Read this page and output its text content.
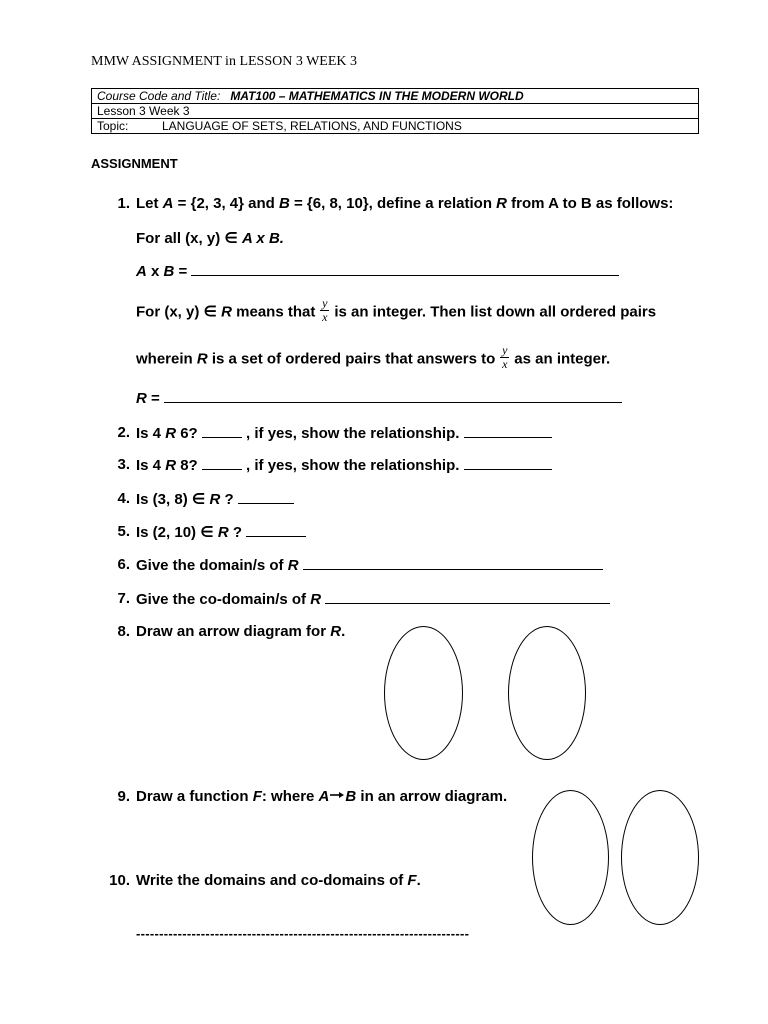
MMW ASSIGNMENT in LESSON 3 WEEK 3
Course Code and Title: MAT100 – MATHEMATICS IN THE MODERN WORLD
Lesson 3 Week 3
Topic:	LANGUAGE OF SETS, RELATIONS, AND FUNCTIONS
ASSIGNMENT
1. Let A = {2, 3, 4} and B = {6, 8, 10}, define a relation R from A to B as follows:
For all (x, y) ∈ A x B.
A x B =
For (x, y) ∈ R means that $\frac{y}{x}$ is an integer. Then list down all ordered pairs
wherein R is a set of ordered pairs that answers to $\frac{y}{x}$ as an integer.
R =
2. Is 4 R 6?	, if yes, show the relationship.
3. Is 4 R 8?	, if yes, show the relationship.
4. Is (3, 8) ∈ R ?
5. Is (2, 10) ∈ R ?
6. Give the domain/s of R
7. Give the co-domain/s of R
8. Draw an arrow diagram for R.
9. Draw a function F: where A B in an arrow diagram.
10. Write the domains and co-domains of F.
------------------------------------------------------------------------
